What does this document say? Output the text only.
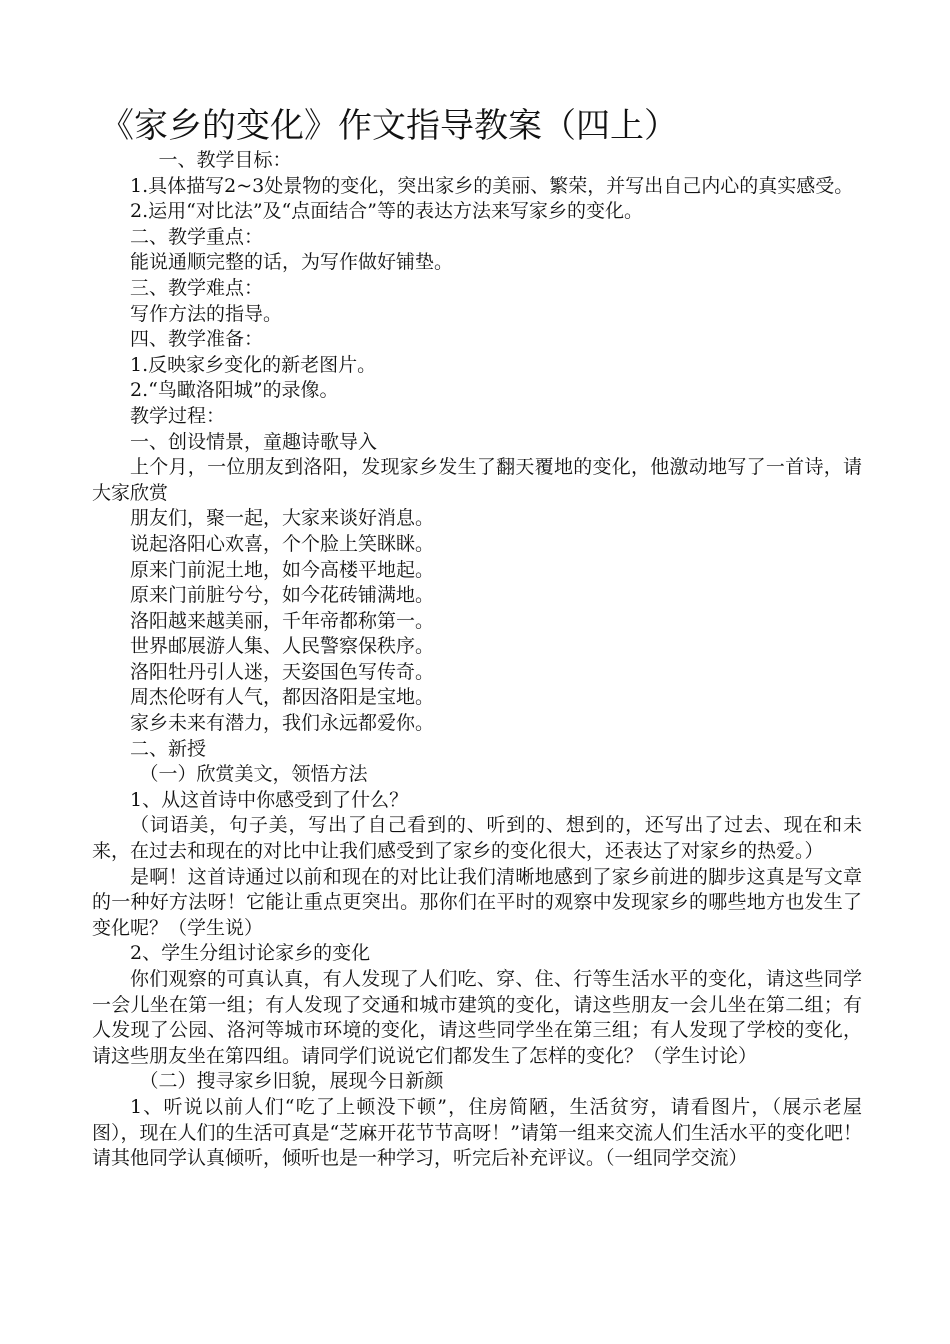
《家乡的变化》作文指导教案（四上）

一、教学目标：

1.具体描写2~3处景物的变化，突出家乡的美丽、繁荣，并写出自己内心的真实感受。

2.运用“对比法”及“点面结合”等的表达方法来写家乡的变化。

二、教学重点：

能说通顺完整的话，为写作做好铺垫。

三、教学难点：

写作方法的指导。

四、教学准备：

1.反映家乡变化的新老图片。

2.“鸟瞰洛阳城”的录像。

教学过程：

一、创设情景，童趣诗歌导入

上个月，一位朋友到洛阳，发现家乡发生了翻天覆地的变化，他激动地写了一首诗，请大家欣赏

朋友们，聚一起，大家来谈好消息。

说起洛阳心欢喜，个个脸上笑眯眯。

原来门前泥土地，如今高楼平地起。

原来门前脏兮兮，如今花砖铺满地。

洛阳越来越美丽，千年帝都称第一。

世界邮展游人集、人民警察保秩序。

洛阳牡丹引人迷，天姿国色写传奇。

周杰伦呀有人气，都因洛阳是宝地。

家乡未来有潜力，我们永远都爱你。

二、新授

（一）欣赏美文，领悟方法

1、从这首诗中你感受到了什么？

（词语美，句子美，写出了自己看到的、听到的、想到的，还写出了过去、现在和未来，在过去和现在的对比中让我们感受到了家乡的变化很大，还表达了对家乡的热爱。）

是啊！这首诗通过以前和现在的对比让我们清晰地感到了家乡前进的脚步这真是写文章的一种好方法呀！它能让重点更突出。那你们在平时的观察中发现家乡的哪些地方也发生了变化呢？（学生说）

2、学生分组讨论家乡的变化

你们观察的可真认真，有人发现了人们吃、穿、住、行等生活水平的变化，请这些同学一会儿坐在第一组；有人发现了交通和城市建筑的变化，请这些朋友一会儿坐在第二组；有人发现了公园、洛河等城市环境的变化，请这些同学坐在第三组；有人发现了学校的变化，请这些朋友坐在第四组。请同学们说说它们都发生了怎样的变化？（学生讨论）

（二）搜寻家乡旧貌，展现今日新颜

1、听说以前人们“吃了上顿没下顿”，住房简陋，生活贫穷，请看图片，（展示老屋图），现在人们的生活可真是“芝麻开花节节高呀！”请第一组来交流人们生活水平的变化吧！请其他同学认真倾听，倾听也是一种学习，听完后补充评议。（一组同学交流）
